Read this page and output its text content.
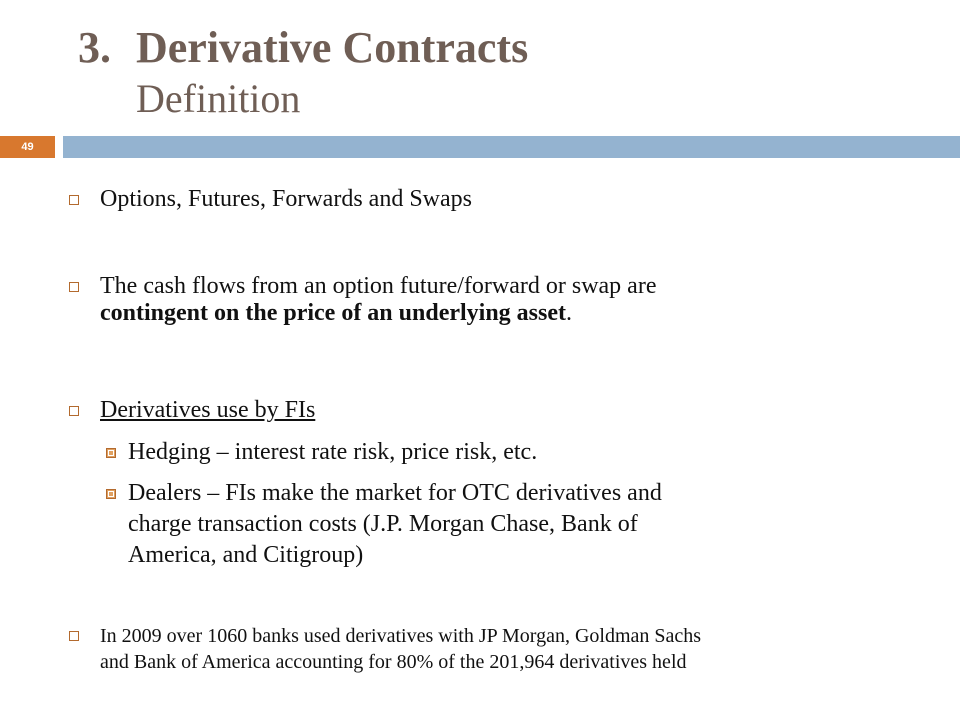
3. Derivative Contracts
Definition
49
Options, Futures, Forwards and Swaps
The cash flows from an option future/forward or swap are
contingent on the price of an underlying asset.
Derivatives use by FIs
Hedging – interest rate risk, price risk, etc.
Dealers – FIs make the market for OTC derivatives and
charge transaction costs (J.P. Morgan Chase, Bank of
America, and Citigroup)
In 2009 over 1060 banks used derivatives with JP Morgan, Goldman Sachs
and Bank of America accounting for 80% of the 201,964 derivatives held
